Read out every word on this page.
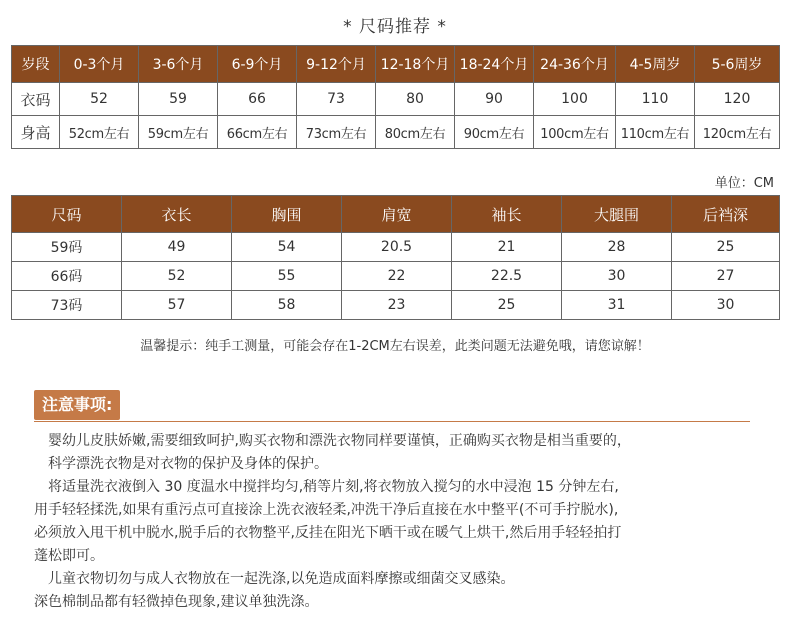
* 尺码推荐 *
岁段	0-3个月	3-6个月	6-9个月	9-12个月	12-18个月	18-24个月	24-36个月	4-5周岁	5-6周岁
衣码	52	59	66	73	80	90	100	110	120
身高	52cm左右	59cm左右	66cm左右	73cm左右	80cm左右	90cm左右	100cm左右	110cm左右	120cm左右
单位：CM
尺码	衣长	胸围	肩宽	袖长	大腿围	后裆深
59码	49	54	20.5	21	28	25
66码	52	55	22	22.5	30	27
73码	57	58	23	25	31	30
温馨提示：纯手工测量，可能会存在1-2CM左右误差，此类问题无法避免哦，请您谅解！
注意事项:

婴幼儿皮肤娇嫩,需要细致呵护,购买衣物和漂洗衣物同样要谨慎，正确购买衣物是相当重要的，

科学漂洗衣物是对衣物的保护及身体的保护。

将适量洗衣液倒入 30 度温水中搅拌均匀,稍等片刻,将衣物放入搅匀的水中浸泡 15 分钟左右,

用手轻轻揉洗,如果有重污点可直接涂上洗衣液轻柔,冲洗干净后直接在水中整平(不可手拧脱水),

必须放入甩干机中脱水,脱手后的衣物整平,反挂在阳光下晒干或在暖气上烘干,然后用手轻轻拍打

蓬松即可。

儿童衣物切勿与成人衣物放在一起洗涤,以免造成面料摩擦或细菌交叉感染。

深色棉制品都有轻微掉色现象,建议单独洗涤。
